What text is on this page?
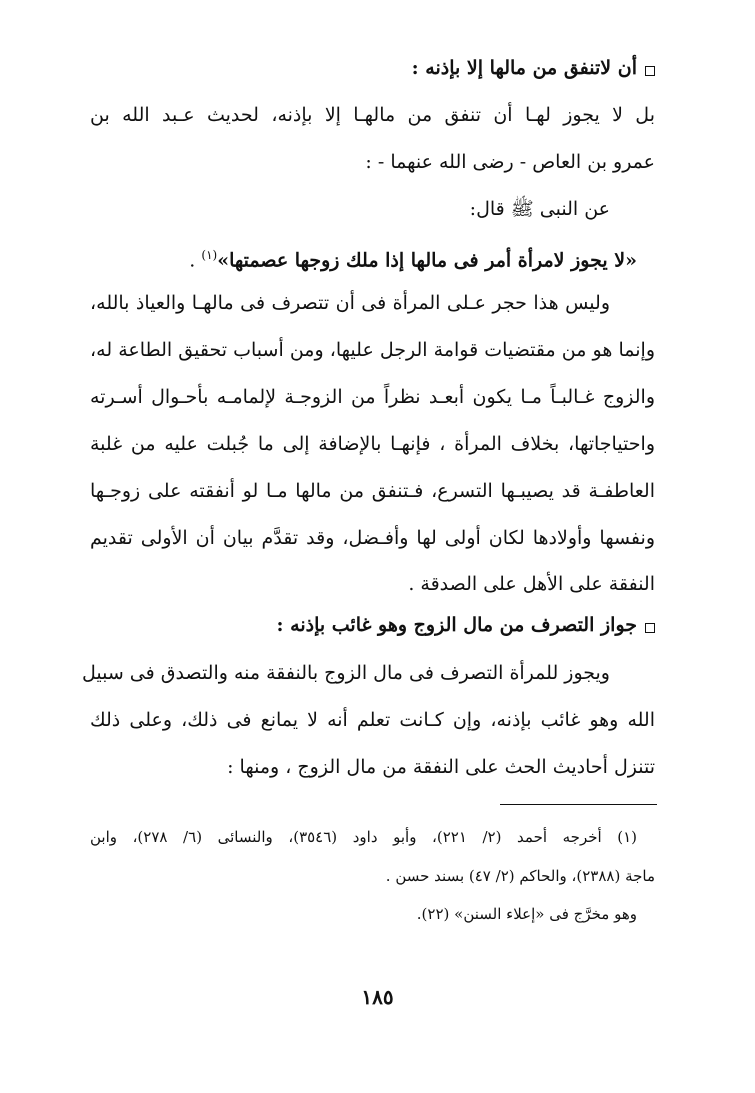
أن لاتنفق من مالها إلا بإذنه :
بل لا يجوز لهـا أن تنفق من مالهـا إلا بإذنه، لحديث عـبد الله بن
عمرو بن العاص - رضى الله عنهما - :
عن النبى ﷺ قال:
«لا يجوز لامرأة أمر فى مالها إذا ملك زوجها عصمتها»$^{(١)}$ .
وليس هذا حجر عـلى المرأة فى أن تتصرف فى مالهـا والعياذ بالله،
وإنما هو من مقتضيات قوامة الرجل عليها، ومن أسباب تحقيق الطاعة له،
والزوج غـالبـاً مـا يكون أبعـد نظراً من الزوجـة لإلمامـه بأحـوال أسـرته
واحتياجاتها، بخلاف المرأة ، فإنهـا بالإضافة إلى ما جُبلت عليه من غلبة
العاطفـة قد يصيبـها التسرع، فـتنفق من مالها مـا لو أنفقته على زوجـها
ونفسها وأولادها لكان أولى لها وأفـضل، وقد تقدَّم بيان أن الأولى تقديم
النفقة على الأهل على الصدقة .
جواز التصرف من مال الزوج وهو غائب بإذنه :
ويجوز للمرأة التصرف فى مال الزوج بالنفقة منه والتصدق فى سبيل
الله وهو غائب بإذنه، وإن كـانت تعلم أنه لا يمانع فى ذلك، وعلى ذلك
تتنزل أحاديث الحث على النفقة من مال الزوج ، ومنها :
(١) أخرجه أحمد (٢/ ٢٢١)، وأبو داود (٣٥٤٦)، والنسائى (٦/ ٢٧٨)، وابن
ماجة (٢٣٨٨)، والحاكم (٢/ ٤٧) بسند حسن .
وهو مخرَّج فى «إعلاء السنن» (٢٢).
١٨٥
